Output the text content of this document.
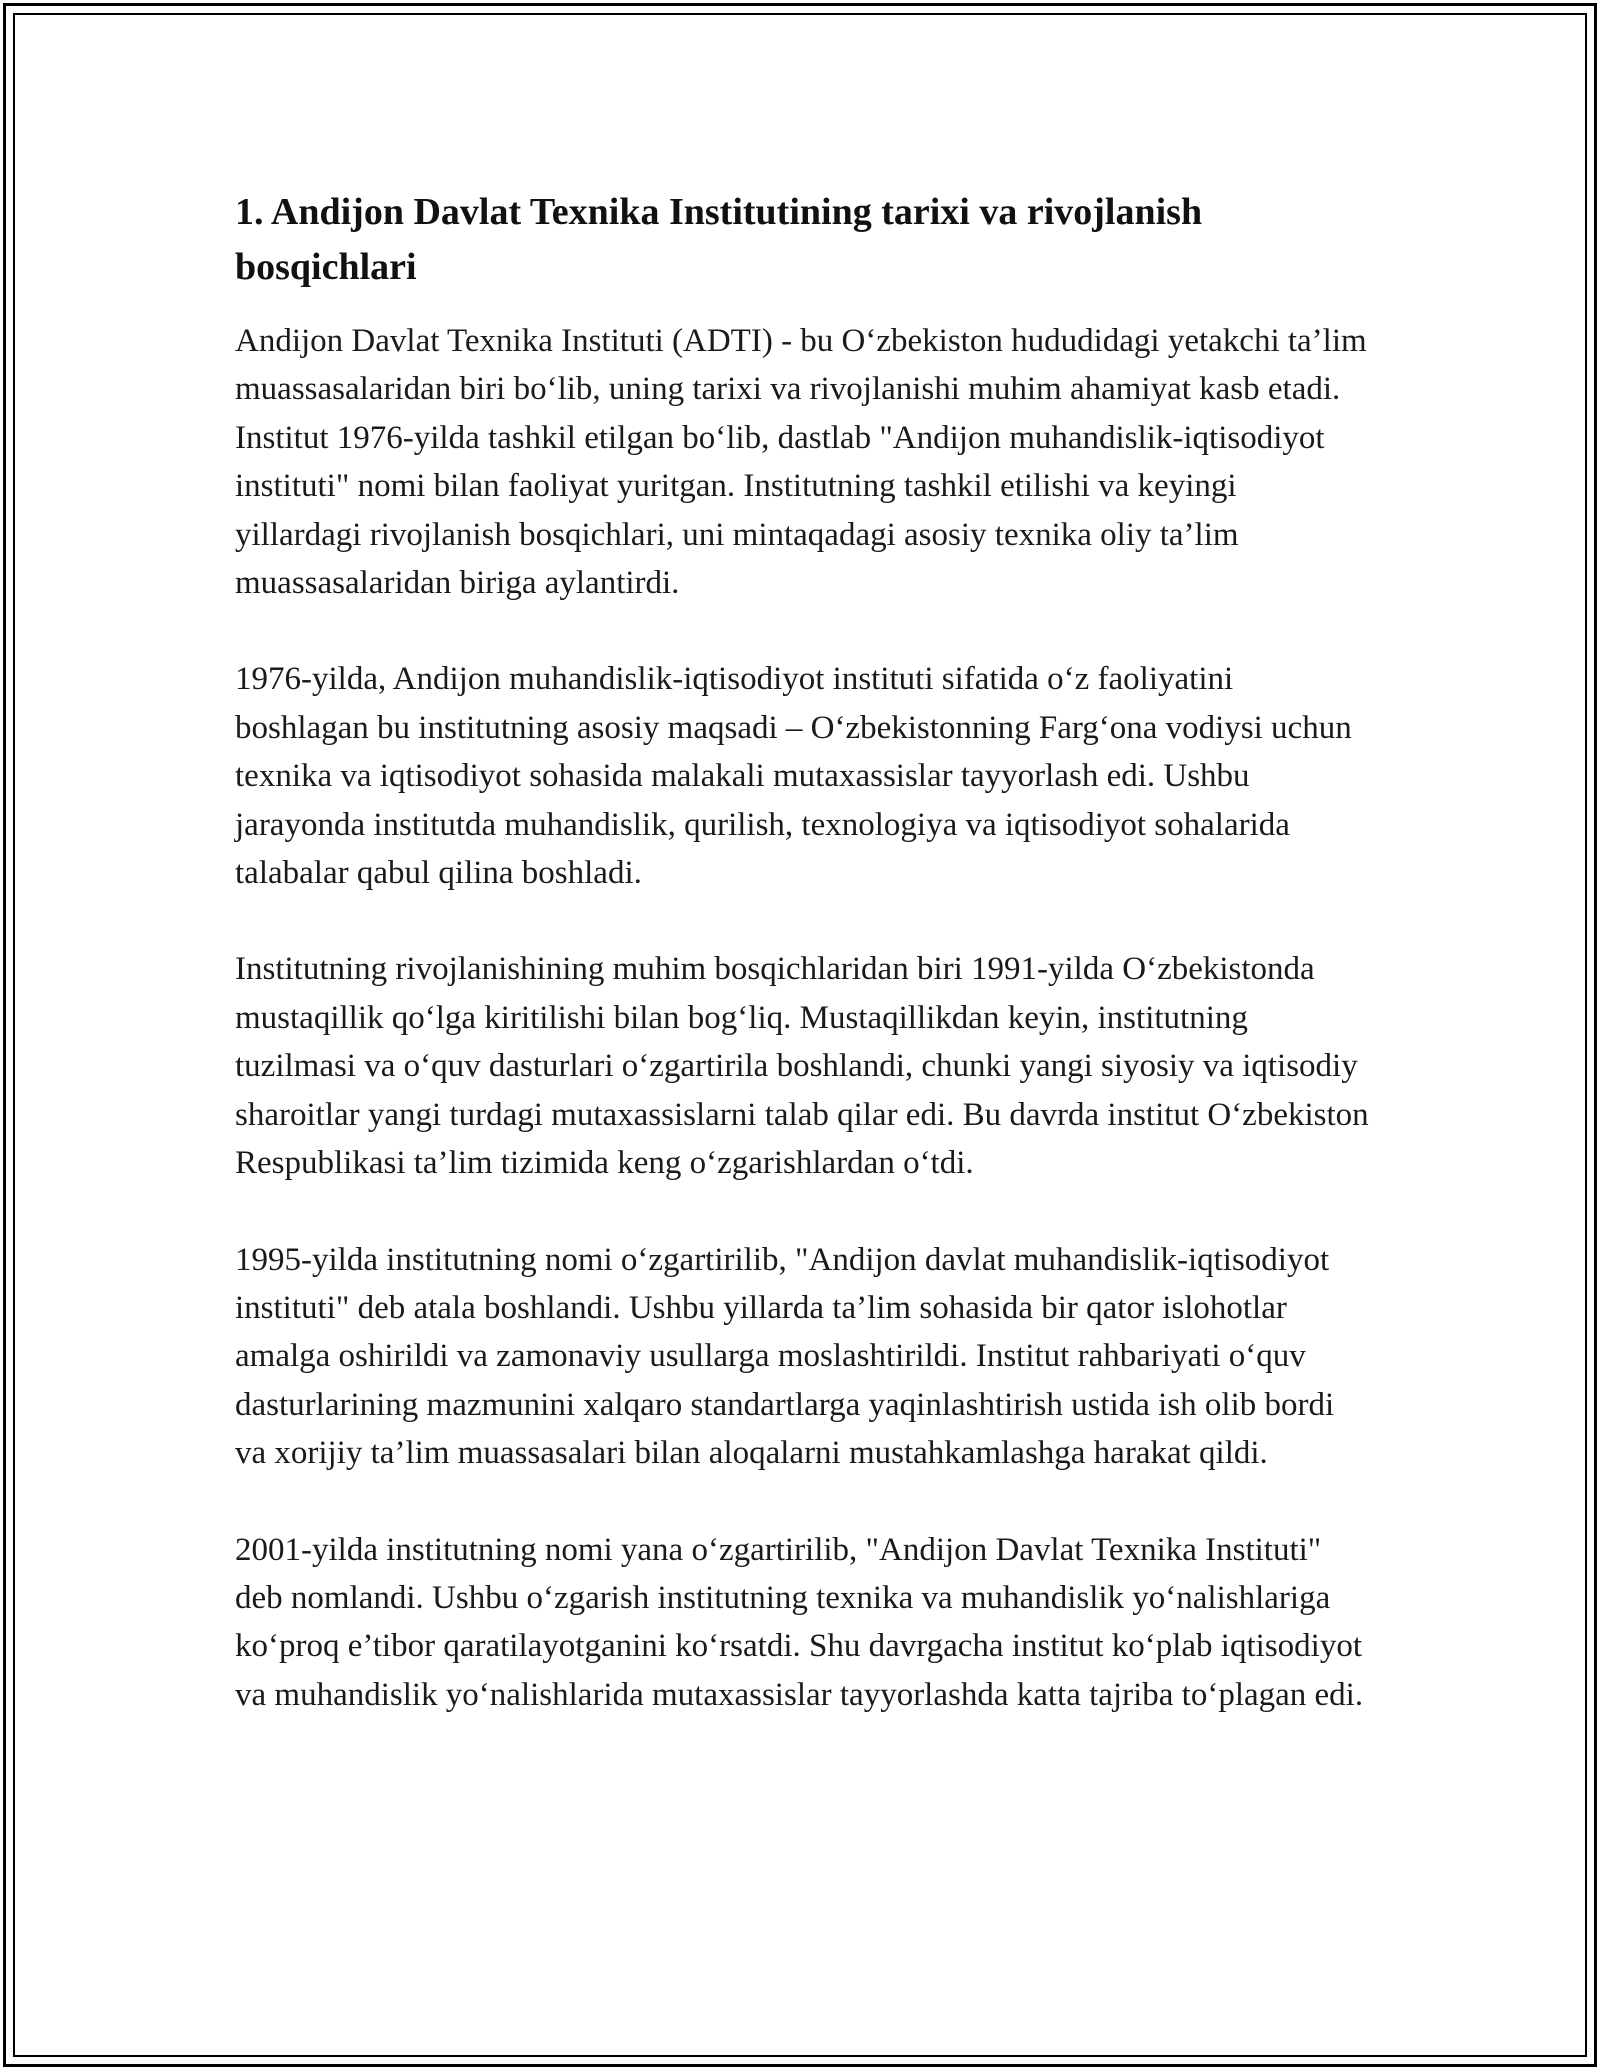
1. Andijon Davlat Texnika Institutining tarixi va rivojlanish bosqichlari

Andijon Davlat Texnika Instituti (ADTI) - bu O‘zbekiston hududidagi yetakchi ta’lim muassasalaridan biri bo‘lib, uning tarixi va rivojlanishi muhim ahamiyat kasb etadi. Institut 1976-yilda tashkil etilgan bo‘lib, dastlab "Andijon muhandislik-iqtisodiyot instituti" nomi bilan faoliyat yuritgan. Institutning tashkil etilishi va keyingi yillardagi rivojlanish bosqichlari, uni mintaqadagi asosiy texnika oliy ta’lim muassasalaridan biriga aylantirdi.

1976-yilda, Andijon muhandislik-iqtisodiyot instituti sifatida o‘z faoliyatini boshlagan bu institutning asosiy maqsadi – O‘zbekistonning Farg‘ona vodiysi uchun texnika va iqtisodiyot sohasida malakali mutaxassislar tayyorlash edi. Ushbu jarayonda institutda muhandislik, qurilish, texnologiya va iqtisodiyot sohalarida talabalar qabul qilina boshladi.

Institutning rivojlanishining muhim bosqichlaridan biri 1991-yilda O‘zbekistonda mustaqillik qo‘lga kiritilishi bilan bog‘liq. Mustaqillikdan keyin, institutning tuzilmasi va o‘quv dasturlari o‘zgartirila boshlandi, chunki yangi siyosiy va iqtisodiy sharoitlar yangi turdagi mutaxassislarni talab qilar edi. Bu davrda institut O‘zbekiston Respublikasi ta’lim tizimida keng o‘zgarishlardan o‘tdi.

1995-yilda institutning nomi o‘zgartirilib, "Andijon davlat muhandislik-iqtisodiyot instituti" deb atala boshlandi. Ushbu yillarda ta’lim sohasida bir qator islohotlar amalga oshirildi va zamonaviy usullarga moslashtirildi. Institut rahbariyati o‘quv dasturlarining mazmunini xalqaro standartlarga yaqinlashtirish ustida ish olib bordi va xorijiy ta’lim muassasalari bilan aloqalarni mustahkamlashga harakat qildi.

2001-yilda institutning nomi yana o‘zgartirilib, "Andijon Davlat Texnika Instituti" deb nomlandi. Ushbu o‘zgarish institutning texnika va muhandislik yo‘nalishlariga ko‘proq e’tibor qaratilayotganini ko‘rsatdi. Shu davrgacha institut ko‘plab iqtisodiyot va muhandislik yo‘nalishlarida mutaxassislar tayyorlashda katta tajriba to‘plagan edi.
